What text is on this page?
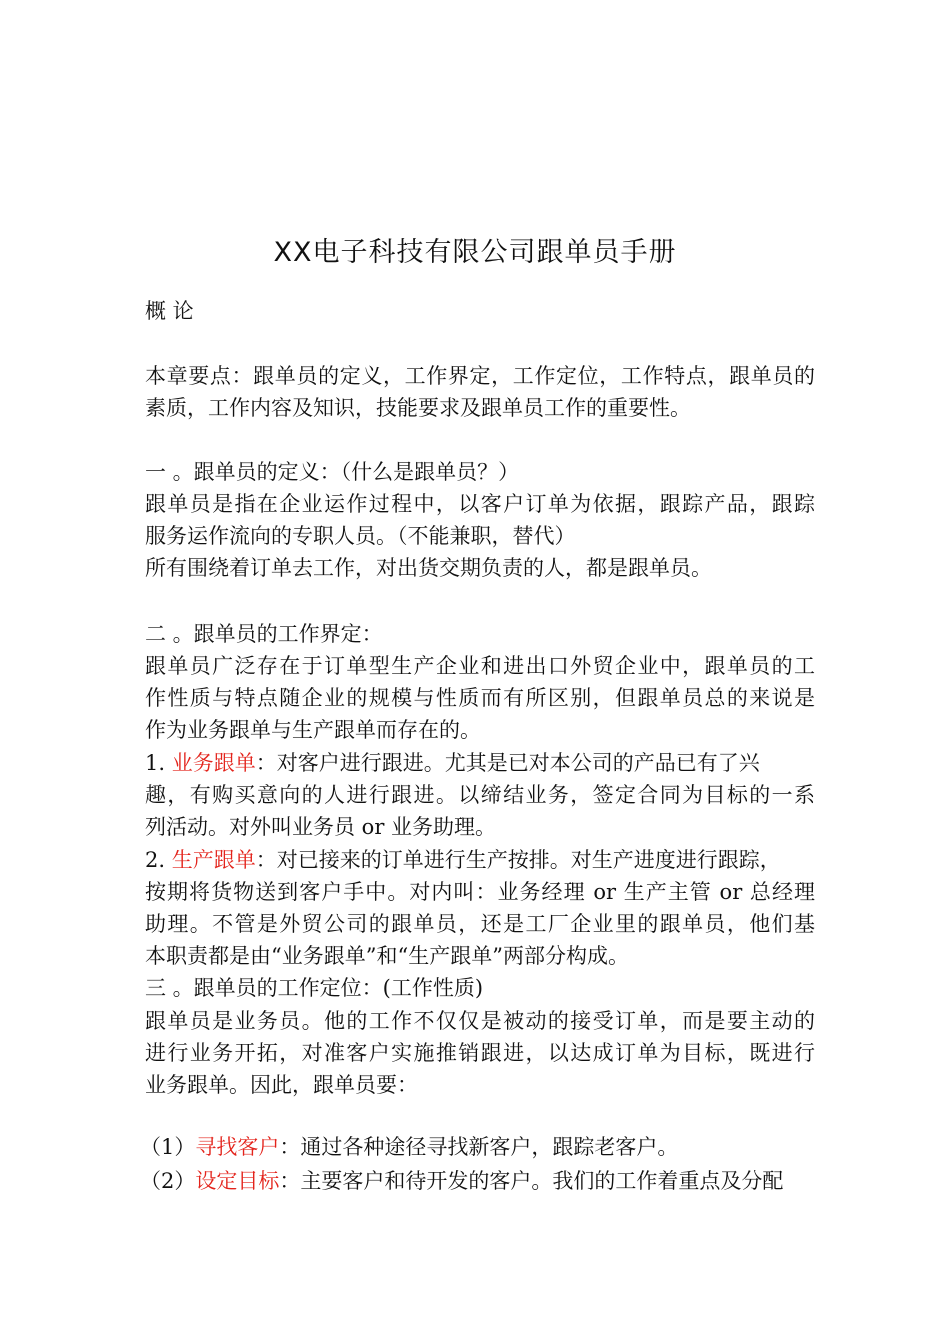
XX电子科技有限公司跟单员手册
概 论
本章要点：跟单员的定义，工作界定，工作定位，工作特点，跟单员的
素质，工作内容及知识，技能要求及跟单员工作的重要性。
一 。跟单员的定义：（什么是跟单员？）
跟单员是指在企业运作过程中，以客户订单为依据，跟踪产品，跟踪
服务运作流向的专职人员。（不能兼职，替代）
所有围绕着订单去工作，对出货交期负责的人，都是跟单员。
二 。跟单员的工作界定：
跟单员广泛存在于订单型生产企业和进出口外贸企业中，跟单员的工
作性质与特点随企业的规模与性质而有所区别，但跟单员总的来说是
作为业务跟单与生产跟单而存在的。
1. 业务跟单：对客户进行跟进。尤其是已对本公司的产品已有了兴
趣，有购买意向的人进行跟进。以缔结业务，签定合同为目标的一系
列活动。对外叫业务员 or 业务助理。
2. 生产跟单：对已接来的订单进行生产按排。对生产进度进行跟踪，
按期将货物送到客户手中。对内叫：业务经理 or 生产主管 or 总经理
助理。不管是外贸公司的跟单员，还是工厂企业里的跟单员，他们基
本职责都是由“业务跟单”和“生产跟单”两部分构成。
三 。跟单员的工作定位：(工作性质)
跟单员是业务员。他的工作不仅仅是被动的接受订单，而是要主动的
进行业务开拓，对准客户实施推销跟进，以达成订单为目标，既进行
业务跟单。因此，跟单员要：
（1）寻找客户：通过各种途径寻找新客户，跟踪老客户。
（2）设定目标：主要客户和待开发的客户。我们的工作着重点及分配
